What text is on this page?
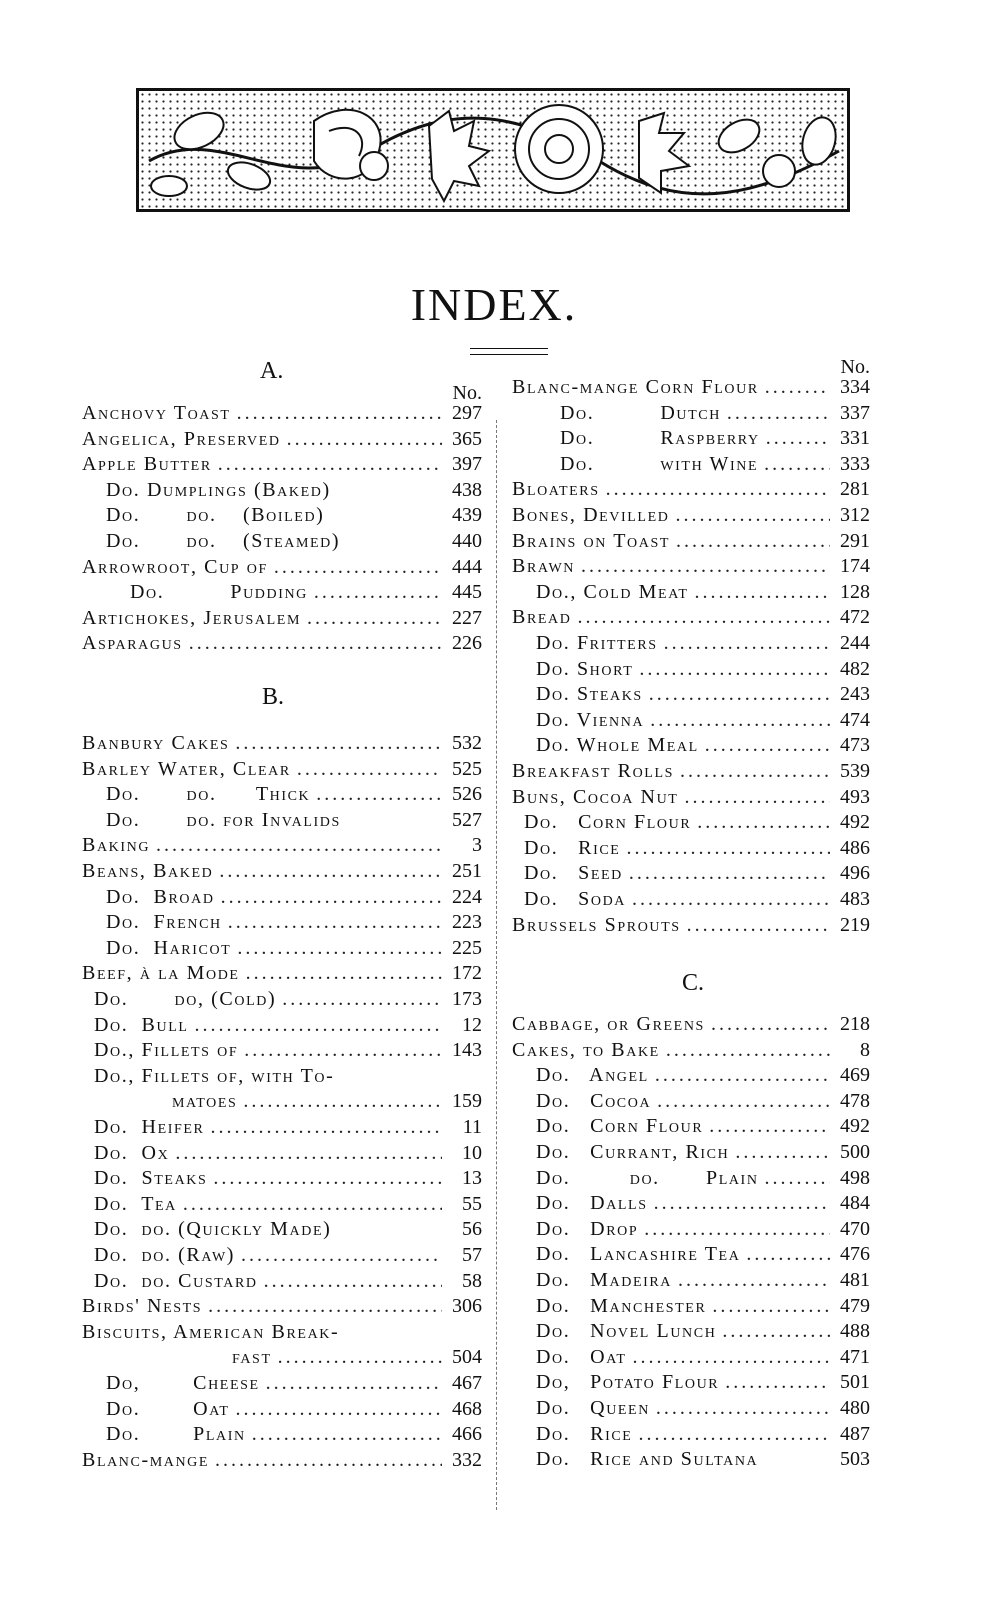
INDEX.
No.
A.
Anchovy Toast .....	297
Angelica, Preserved .....	365
Apple Butter .....	397
Do. Dumplings (Baked)	438
Do.       do.    (Boiled)	439
Do.       do.    (Steamed)	440
Arrowroot, Cup of .....	444
Do.          Pudding .....	445
Artichokes, Jerusalem .....	227
Asparagus .....	226
B.
Banbury Cakes .....	532
Barley Water, Clear .....	525
Do.       do.      Thick .....	526
Do.       do. for Invalids	527
Baking .....	3
Beans, Baked .....	251
Do.  Broad .....	224
Do.  French .....	223
Do.  Haricot .....	225
Beef, à la Mode .....	172
Do.       do, (Cold) .....	173
Do.  Bull .....	12
Do., Fillets of .....	143
Do., Fillets of, with To-
matoes .....	159
Do.  Heifer .....	11
Do.  Ox .....	10
Do.  Steaks .....	13
Do.  Tea .....	55
Do.  do. (Quickly Made)	56
Do.  do. (Raw) .....	57
Do.  do. Custard .....	58
Birds' Nests .....	306
Biscuits, American Break-
fast .....	504
Do,        Cheese .....	467
Do.        Oat .....	468
Do.        Plain .....	466
Blanc-mange .....	332
No.
Blanc-mange Corn Flour .....	334
Do.          Dutch .....	337
Do.          Raspberry .....	331
Do.          with Wine .....	333
Bloaters .....	281
Bones, Devilled .....	312
Brains on Toast .....	291
Brawn .....	174
Do., Cold Meat .....	128
Bread .....	472
Do. Fritters .....	244
Do. Short .....	482
Do. Steaks .....	243
Do. Vienna .....	474
Do. Whole Meal .....	473
Breakfast Rolls .....	539
Buns, Cocoa Nut .....	493
Do.   Corn Flour .....	492
Do.   Rice .....	486
Do.   Seed .....	496
Do.   Soda .....	483
Brussels Sprouts .....	219
C.
Cabbage, or Greens .....	218
Cakes, to Bake .....	8
Do.   Angel .....	469
Do.   Cocoa .....	478
Do.   Corn Flour .....	492
Do.   Currant, Rich .....	500
Do.         do.       Plain .....	498
Do.   Dalls .....	484
Do.   Drop .....	470
Do.   Lancashire Tea .....	476
Do.   Madeira .....	481
Do.   Manchester .....	479
Do.   Novel Lunch .....	488
Do.   Oat .....	471
Do,   Potato Flour .....	501
Do.   Queen .....	480
Do.   Rice .....	487
Do.   Rice and Sultana	503
